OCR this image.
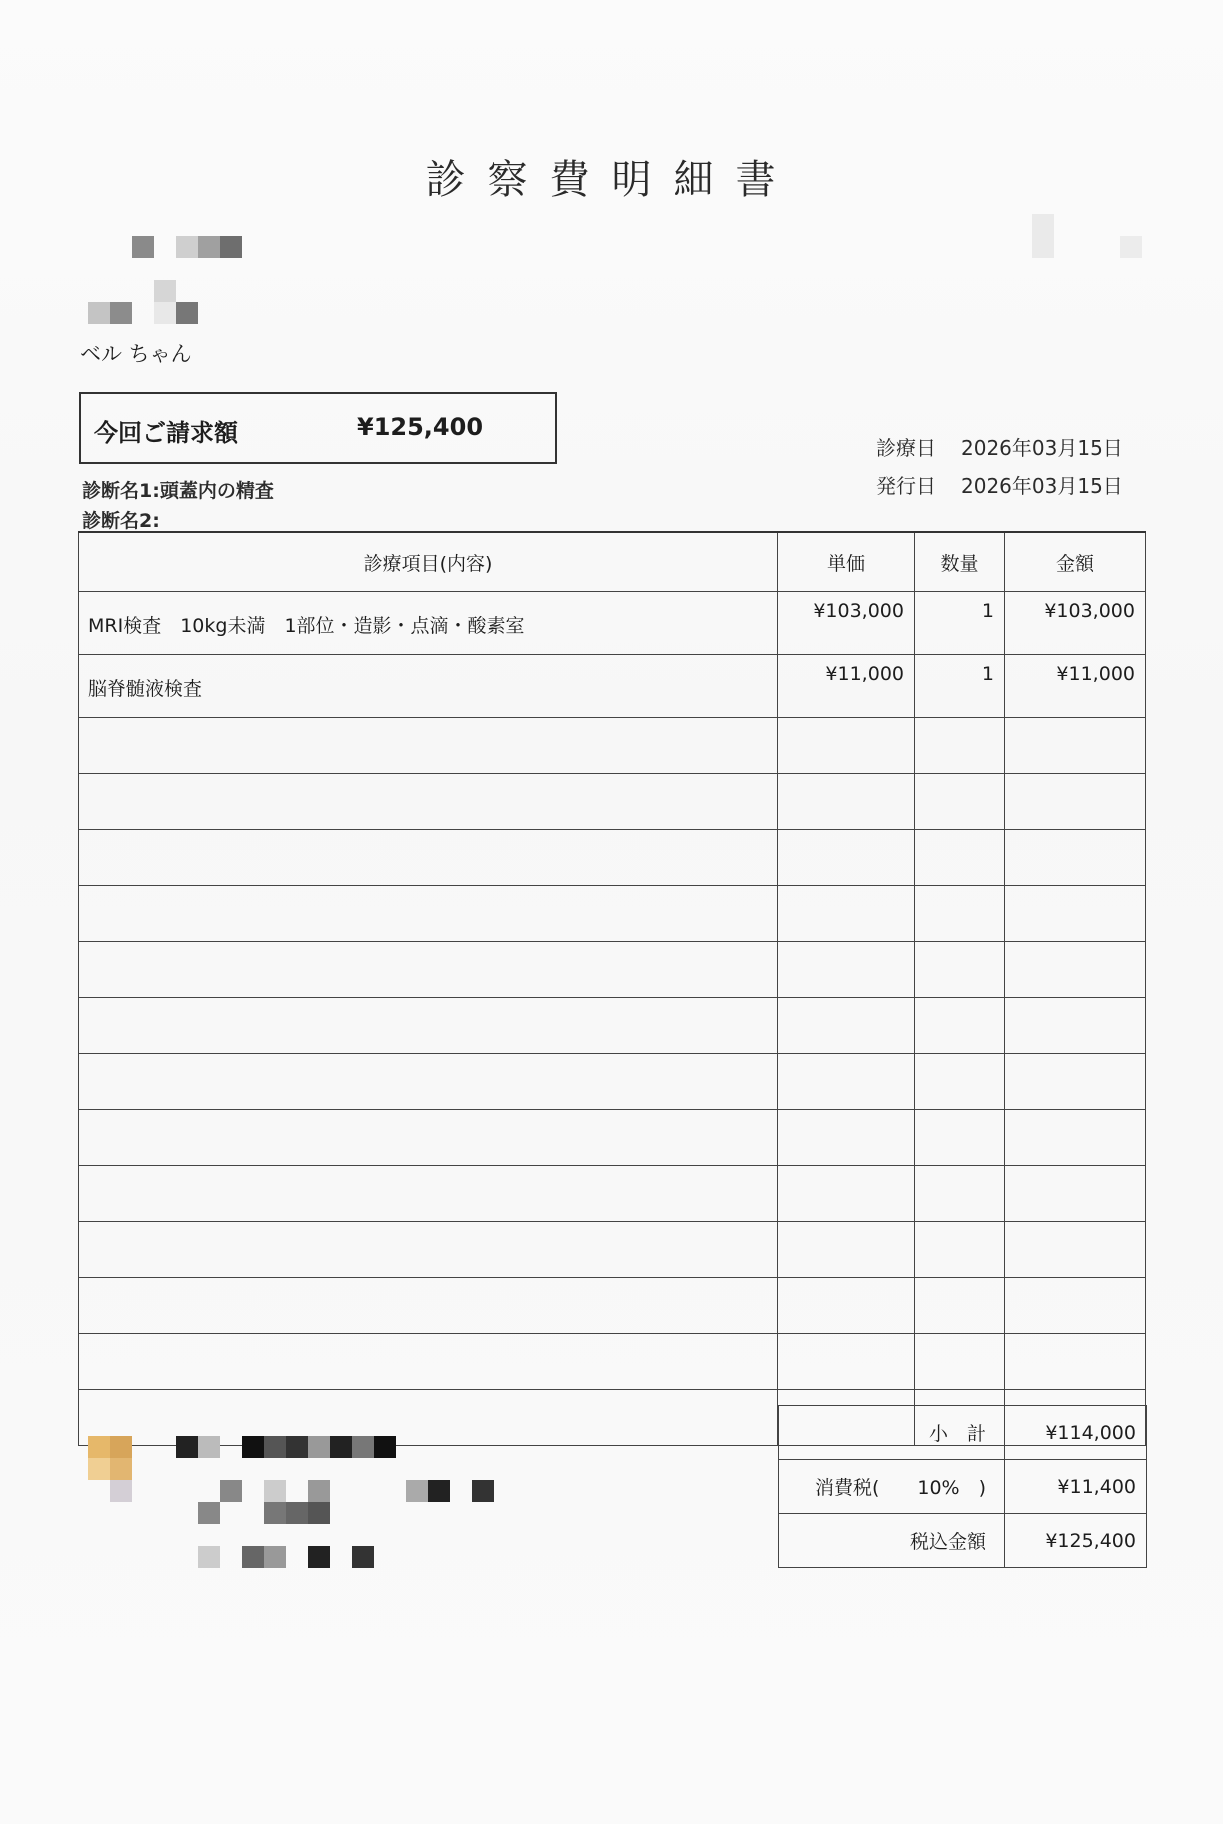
診察費明細書
ベル ちゃん
今回ご請求額	¥125,400
診療日 2026年03月15日
発行日 2026年03月15日
診断名1:頭蓋内の精査
診断名2:
診療項目(内容)	単価	数量	金額
MRI検査　10kg未満　1部位・造影・点滴・酸素室	¥103,000	1	¥103,000
脳脊髄液検査	¥11,000	1	¥11,000

小　計	¥114,000
消費税(　　10%　)	¥11,400
税込金額	¥125,400
